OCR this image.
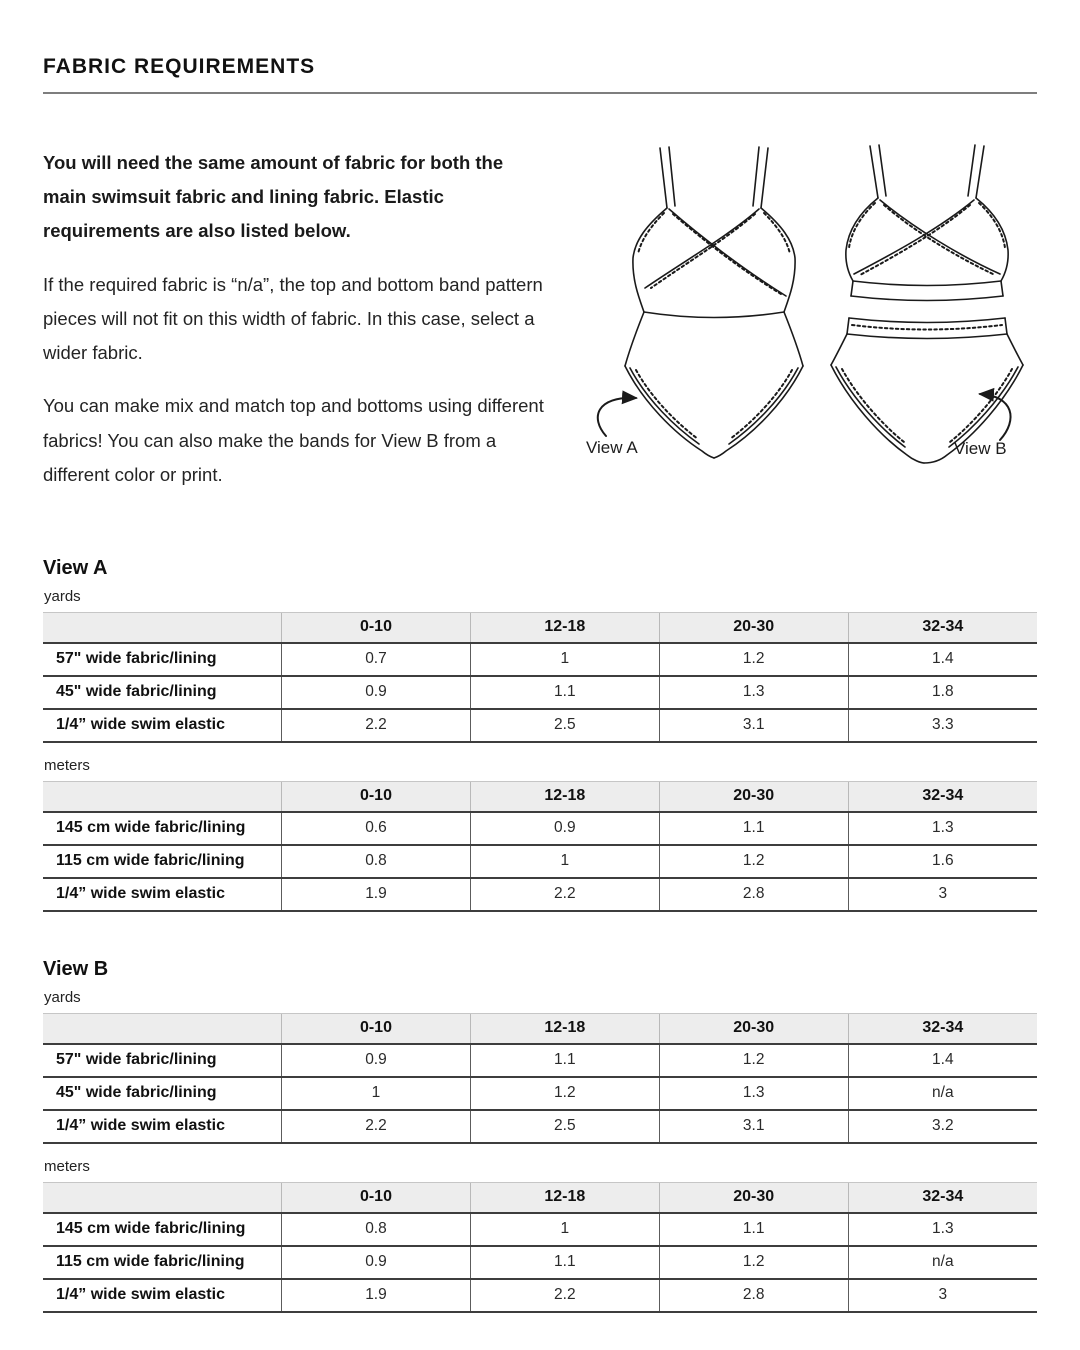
FABRIC REQUIREMENTS

You will need the same amount of fabric for both the main swimsuit fabric and lining fabric. Elastic requirements are also listed below.

If the required fabric is “n/a”, the top and bottom band pattern pieces will not fit on this width of fabric. In this case, select a wider fabric.

You can make mix and match top and bottoms using different fabrics! You can also make the bands for View B from a different color or print.

View A	View B
View A
yards
	0-10	12-18	20-30	32-34
57" wide fabric/lining	0.7	1	1.2	1.4
45" wide fabric/lining	0.9	1.1	1.3	1.8
1/4” wide swim elastic	2.2	2.5	3.1	3.3
meters
	0-10	12-18	20-30	32-34
145 cm wide fabric/lining	0.6	0.9	1.1	1.3
115 cm wide fabric/lining	0.8	1	1.2	1.6
1/4” wide swim elastic	1.9	2.2	2.8	3
View B
yards
	0-10	12-18	20-30	32-34
57" wide fabric/lining	0.9	1.1	1.2	1.4
45" wide fabric/lining	1	1.2	1.3	n/a
1/4” wide swim elastic	2.2	2.5	3.1	3.2
meters
	0-10	12-18	20-30	32-34
145 cm wide fabric/lining	0.8	1	1.1	1.3
115 cm wide fabric/lining	0.9	1.1	1.2	n/a
1/4” wide swim elastic	1.9	2.2	2.8	3
